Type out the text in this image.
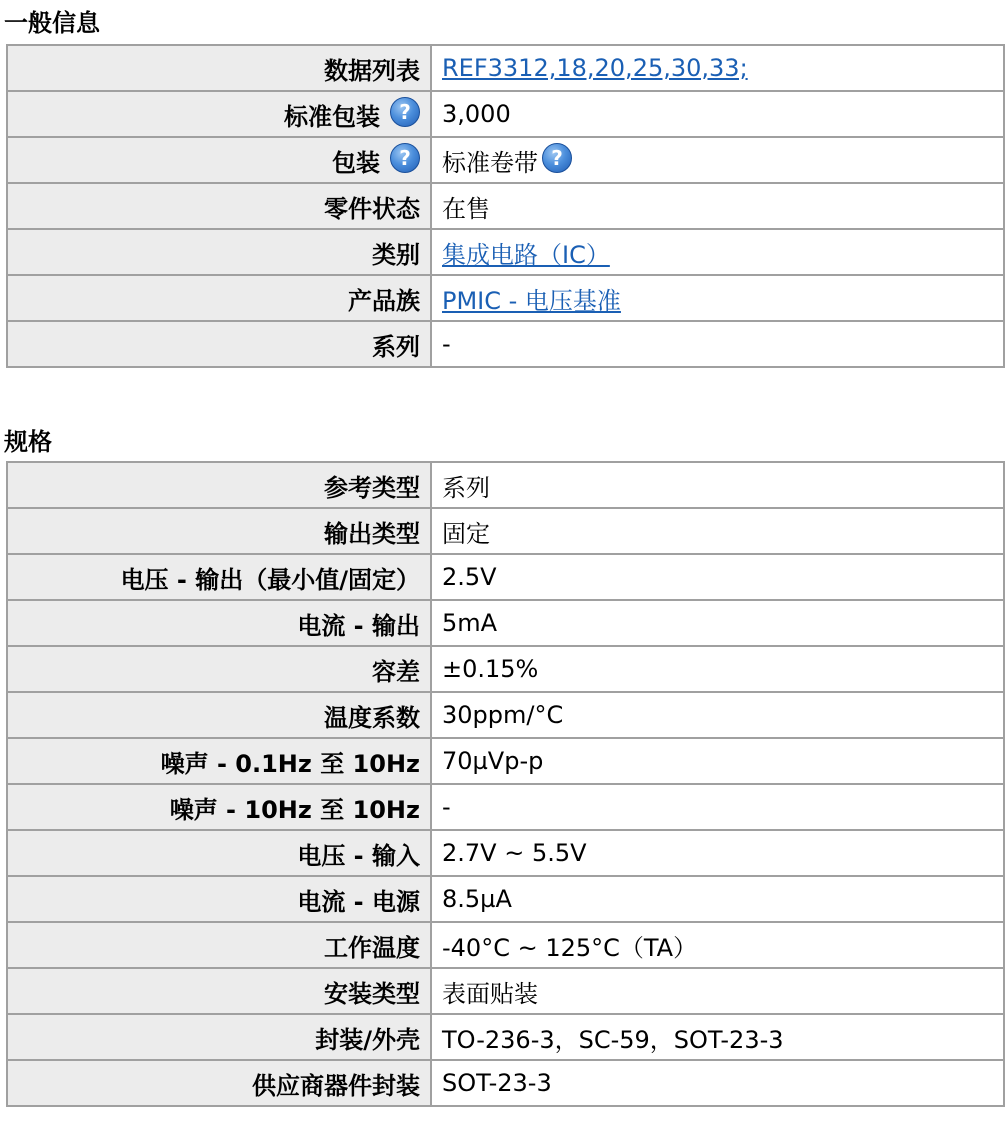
一般信息
数据列表	REF3312,18,20,25,30,33;
标准包装 ?	3,000
包装 ?	标准卷带 ?
零件状态	在售
类别	集成电路（IC）
产品族	PMIC - 电压基准
系列	-
规格
参考类型	系列
输出类型	固定
电压 - 输出（最小值/固定）	2.5V
电流 - 输出	5mA
容差	±0.15%
温度系数	30ppm/°C
噪声 - 0.1Hz 至 10Hz	70µVp-p
噪声 - 10Hz 至 10Hz	-
电压 - 输入	2.7V ~ 5.5V
电流 - 电源	8.5µA
工作温度	-40°C ~ 125°C（TA）
安装类型	表面贴装
封装/外壳	TO-236-3，SC-59，SOT-23-3
供应商器件封装	SOT-23-3
